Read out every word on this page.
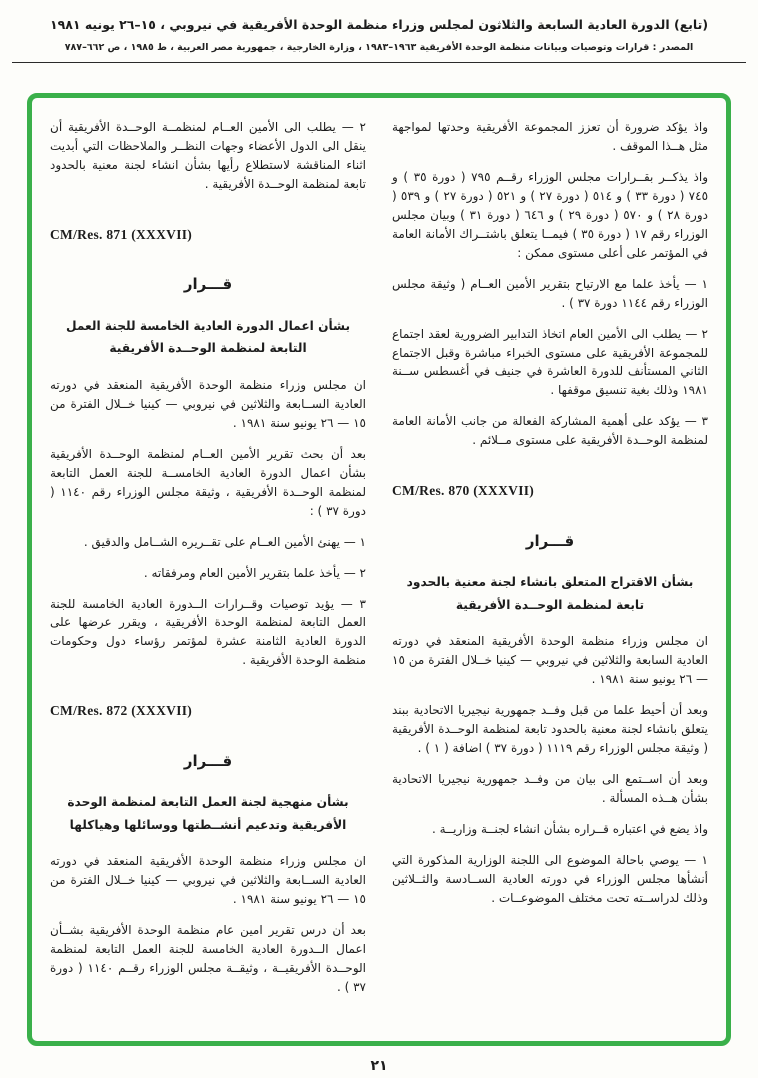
(تابع) الدورة العادية السابعة والثلاثون لمجلس وزراء منظمة الوحدة الأفريقية في نيروبي ، ١٥–٢٦ يونيه ١٩٨١
المصدر : قرارات وتوصيات وبيانات منظمة الوحدة الأفريقية ١٩٦٣–١٩٨٣ ، وزارة الخارجية ، جمهورية مصر العربية ، ط ١٩٨٥ ، ص ٦٦٢–٧٨٧
واذ يؤكد ضرورة أن تعزز المجموعة الأفريقية وحدتها لمواجهة مثل هــذا الموقف .
واذ يذكــر بقــرارات مجلس الوزراء رقــم ٧٩٥ ( دورة ٣٥ ) و ٧٤٥ ( دورة ٣٣ ) و ٥١٤ ( دورة ٢٧ ) و ٥٢١ ( دورة ٢٧ ) و ٥٣٩ ( دورة ٢٨ ) و ٥٧٠ ( دورة ٢٩ ) و ٦٤٦ ( دورة ٣١ ) وبيان مجلس الوزراء رقم ١٧ ( دورة ٣٥ ) فيمــا يتعلق باشتــراك الأمانة العامة في المؤتمر على أعلى مستوى ممكن :
١ — يأخذ علما مع الارتياح بتقرير الأمين العــام ( وثيقة مجلس الوزراء رقم ١١٤٤ دورة ٣٧ ) .
٢ — يطلب الى الأمين العام اتخاذ التدابير الضرورية لعقد اجتماع للمجموعة الأفريقية على مستوى الخبراء مباشرة وقبل الاجتماع الثاني المستأنف للدورة العاشرة في جنيف في أغسطس ســنة ١٩٨١ وذلك بغية تنسيق موقفها .
٣ — يؤكد على أهمية المشاركة الفعالة من جانب الأمانة العامة لمنظمة الوحــدة الأفريقية على مستوى مــلائم .
CM/Res. 870 (XXXVII)
قـــرار
بشأن الاقتراح المتعلق بانشاء لجنة معنية بالحدود تابعة لمنظمة الوحــدة الأفريقية
ان مجلس وزراء منظمة الوحدة الأفريقية المنعقد في دورته العادية السابعة والثلاثين في نيروبي — كينيا خــلال الفترة من ١٥ — ٢٦ يونيو سنة ١٩٨١ .
وبعد أن أحيط علما من قبل وفــد جمهورية نيجيريا الاتحادية ببند يتعلق بانشاء لجنة معنية بالحدود تابعة لمنظمة الوحــدة الأفريقية ( وثيقة مجلس الوزراء رقم ١١١٩ ( دورة ٣٧ ) اضافة ( ١ ) .
وبعد أن اســتمع الى بيان من وفــد جمهورية نيجيريا الاتحادية بشأن هــذه المسألة .
واذ يضع في اعتباره قــراره بشأن انشاء لجنــة وزاريــة .
١ — يوصي باحالة الموضوع الى اللجنة الوزارية المذكورة التي أنشأها مجلس الوزراء في دورته العادية الســادسة والثــلاثين وذلك لدراســته تحت مختلف الموضوعــات .
٢ — يطلب الى الأمين العــام لمنظمــة الوحــدة الأفريقية أن ينقل الى الدول الأعضاء وجهات النظــر والملاحظات التي أبديت اثناء المناقشة لاستطلاع رأيها بشأن انشاء لجنة معنية بالحدود تابعة لمنظمة الوحــدة الأفريقية .
CM/Res. 871 (XXXVII)
قـــرار
بشأن اعمال الدورة العادية الخامسة للجنة العمل التابعة لمنظمة الوحــدة الأفريقية
ان مجلس وزراء منظمة الوحدة الأفريقية المنعقد في دورته العادية الســابعة والثلاثين في نيروبي — كينيا خــلال الفترة من ١٥ — ٢٦ يونيو سنة ١٩٨١ .
بعد أن بحث تقرير الأمين العــام لمنظمة الوحــدة الأفريقية بشأن اعمال الدورة العادية الخامســة للجنة العمل التابعة لمنظمة الوحــدة الأفريقية ، وثيقة مجلس الوزراء رقم ١١٤٠ ( دورة ٣٧ ) :
١ — يهنئ الأمين العــام على تقــريره الشــامل والدقيق .
٢ — يأخذ علما بتقرير الأمين العام ومرفقاته .
٣ — يؤيد توصيات وقــرارات الــدورة العادية الخامسة للجنة العمل التابعة لمنظمة الوحدة الأفريقية ، ويقرر عرضها على الدورة العادية الثامنة عشرة لمؤتمر رؤساء دول وحكومات منظمة الوحدة الأفريقية .
CM/Res. 872 (XXXVII)
قـــرار
بشأن منهجية لجنة العمل التابعة لمنظمة الوحدة الأفريقية وتدعيم أنشــطتها ووسائلها وهياكلها
ان مجلس وزراء منظمة الوحدة الأفريقية المنعقد في دورته العادية الســابعة والثلاثين في نيروبي — كينيا خــلال الفترة من ١٥ — ٢٦ يونيو سنة ١٩٨١ .
بعد أن درس تقرير امين عام منظمة الوحدة الأفريقية بشــأن اعمال الــدورة العادية الخامسة للجنة العمل التابعة لمنظمة الوحــدة الأفريقيــة ، وثيقــة مجلس الوزراء رقــم ١١٤٠ ( دورة ٣٧ ) .
٢١
